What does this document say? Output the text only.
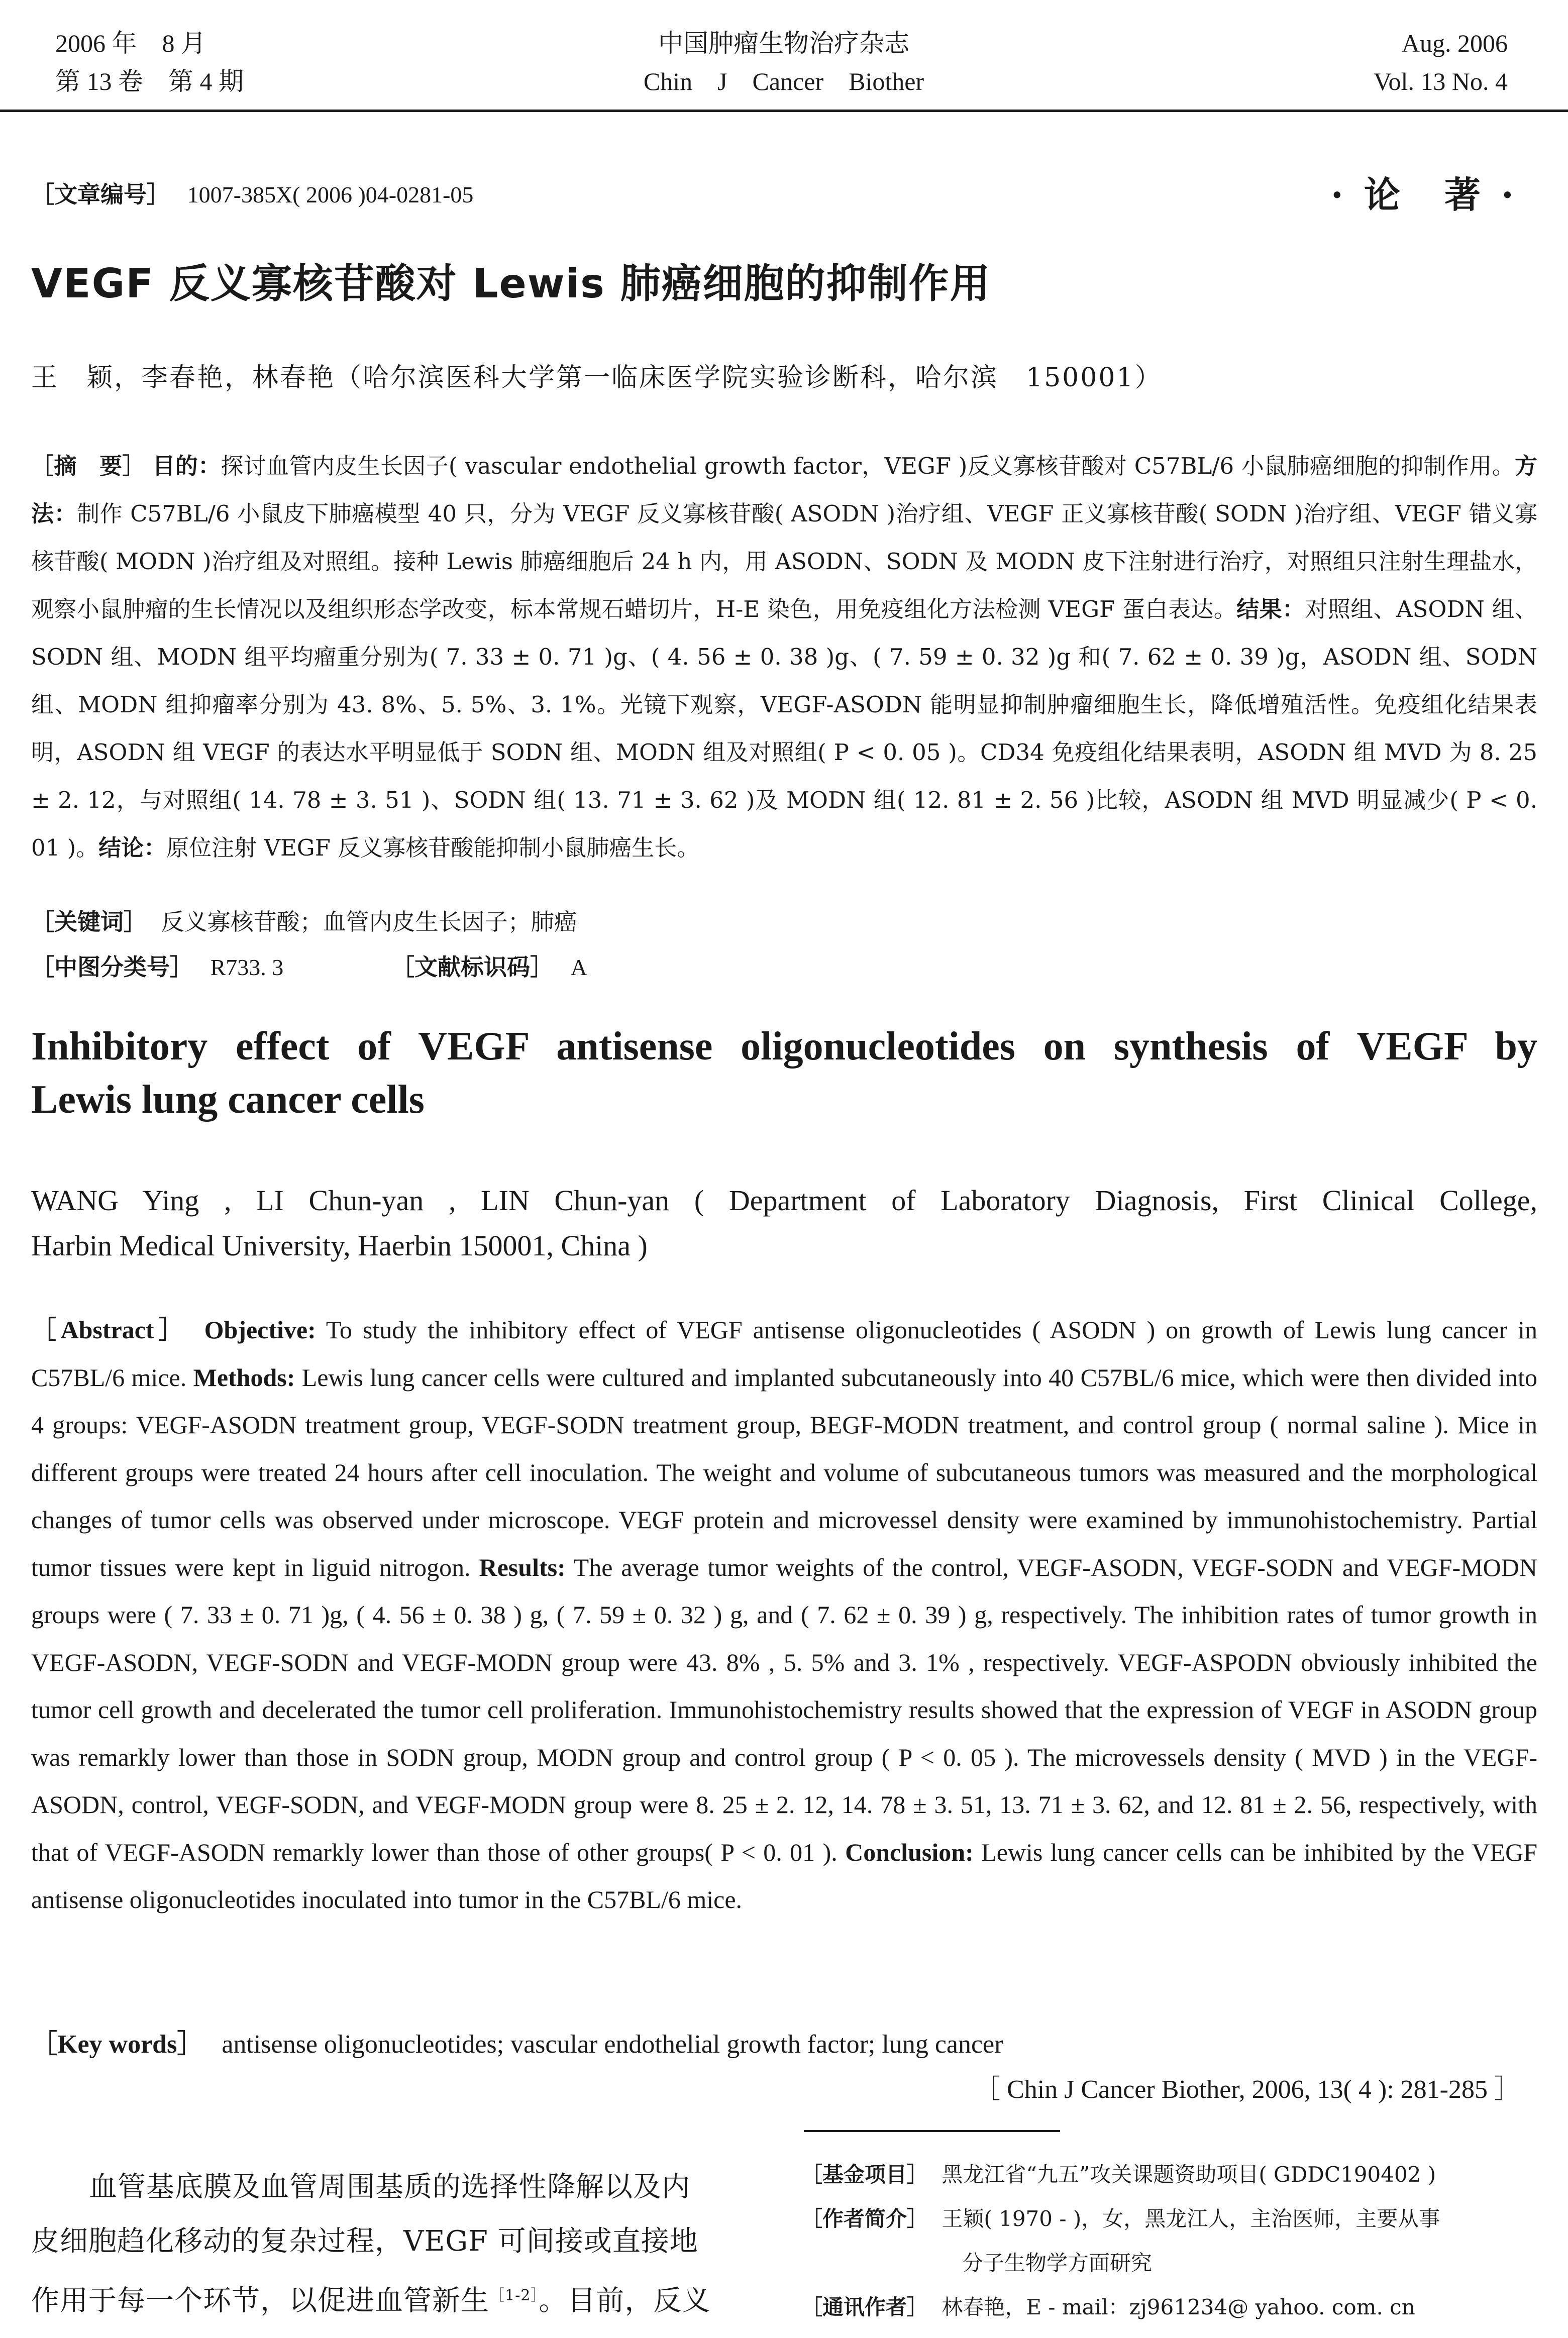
2006 年　8 月
第 13 卷　第 4 期
中国肿瘤生物治疗杂志
Chin　J　Cancer　Biother
Aug. 2006
Vol. 13 No. 4
［文章编号］ 1007-385X( 2006 )04-0281-05	· 论　著 ·
VEGF 反义寡核苷酸对 Lewis 肺癌细胞的抑制作用
王　颖，李春艳，林春艳（哈尔滨医科大学第一临床医学院实验诊断科，哈尔滨　150001）
［摘　要］ 目的：探讨血管内皮生长因子( vascular endothelial growth factor，VEGF )反义寡核苷酸对 C57BL/6 小鼠肺癌细胞的抑制作用。方法：制作 C57BL/6 小鼠皮下肺癌模型 40 只，分为 VEGF 反义寡核苷酸( ASODN )治疗组、VEGF 正义寡核苷酸( SODN )治疗组、VEGF 错义寡核苷酸( MODN )治疗组及对照组。接种 Lewis 肺癌细胞后 24 h 内，用 ASODN、SODN 及 MODN 皮下注射进行治疗，对照组只注射生理盐水，观察小鼠肿瘤的生长情况以及组织形态学改变，标本常规石蜡切片，H-E 染色，用免疫组化方法检测 VEGF 蛋白表达。结果：对照组、ASODN 组、SODN 组、MODN 组平均瘤重分别为( 7. 33 ± 0. 71 )g、( 4. 56 ± 0. 38 )g、( 7. 59 ± 0. 32 )g 和( 7. 62 ± 0. 39 )g，ASODN 组、SODN 组、MODN 组抑瘤率分别为 43. 8%、5. 5%、3. 1%。光镜下观察，VEGF-ASODN 能明显抑制肿瘤细胞生长，降低增殖活性。免疫组化结果表明，ASODN 组 VEGF 的表达水平明显低于 SODN 组、MODN 组及对照组( P < 0. 05 )。CD34 免疫组化结果表明，ASODN 组 MVD 为 8. 25 ± 2. 12，与对照组( 14. 78 ± 3. 51 )、SODN 组( 13. 71 ± 3. 62 )及 MODN 组( 12. 81 ± 2. 56 )比较，ASODN 组 MVD 明显减少( P < 0. 01 )。结论：原位注射 VEGF 反义寡核苷酸能抑制小鼠肺癌生长。
［关键词］ 反义寡核苷酸；血管内皮生长因子；肺癌
［中图分类号］ R733. 3	［文献标识码］ A
Inhibitory effect of VEGF antisense oligonucleotides on synthesis of VEGF by
Lewis lung cancer cells
WANG Ying , LI Chun-yan , LIN Chun-yan ( Department of Laboratory Diagnosis, First Clinical College,
Harbin Medical University, Haerbin 150001, China )
［Abstract］ Objective: To study the inhibitory effect of VEGF antisense oligonucleotides ( ASODN ) on growth of Lewis lung cancer in C57BL/6 mice. Methods: Lewis lung cancer cells were cultured and implanted subcutaneously into 40 C57BL/6 mice, which were then divided into 4 groups: VEGF-ASODN treatment group, VEGF-SODN treatment group, BEGF-MODN treatment, and control group ( normal saline ). Mice in different groups were treated 24 hours after cell inoculation. The weight and volume of subcutaneous tumors was measured and the morphological changes of tumor cells was observed under microscope. VEGF protein and microvessel density were examined by immunohistochemistry. Partial tumor tissues were kept in liguid nitrogon. Results: The average tumor weights of the control, VEGF-ASODN, VEGF-SODN and VEGF-MODN groups were ( 7. 33 ± 0. 71 )g, ( 4. 56 ± 0. 38 ) g, ( 7. 59 ± 0. 32 ) g, and ( 7. 62 ± 0. 39 ) g, respectively. The inhibition rates of tumor growth in VEGF-ASODN, VEGF-SODN and VEGF-MODN group were 43. 8% , 5. 5% and 3. 1% , respectively. VEGF-ASPODN obviously inhibited the tumor cell growth and decelerated the tumor cell proliferation. Immunohistochemistry results showed that the expression of VEGF in ASODN group was remarkly lower than those in SODN group, MODN group and control group ( P < 0. 05 ). The microvessels density ( MVD ) in the VEGF-ASODN, control, VEGF-SODN, and VEGF-MODN group were 8. 25 ± 2. 12, 14. 78 ± 3. 51, 13. 71 ± 3. 62, and 12. 81 ± 2. 56, respectively, with that of VEGF-ASODN remarkly lower than those of other groups( P < 0. 01 ). Conclusion: Lewis lung cancer cells can be inhibited by the VEGF antisense oligonucleotides inoculated into tumor in the C57BL/6 mice.
［Key words］ antisense oligonucleotides; vascular endothelial growth factor; lung cancer
［ Chin J Cancer Biother, 2006, 13( 4 ): 281-285 ］
血管基底膜及血管周围基质的选择性降解以及内
皮细胞趋化移动的复杂过程，VEGF 可间接或直接地
作用于每一个环节，以促进血管新生$^{[1-2]}$。目前，反义
［基金项目］ 黑龙江省“九五”攻关课题资助项目( GDDC190402 )
［作者简介］ 王颖( 1970 - )，女，黑龙江人，主治医师，主要从事
分子生物学方面研究
［通讯作者］ 林春艳，E - mail：zj961234@ yahoo. com. cn
